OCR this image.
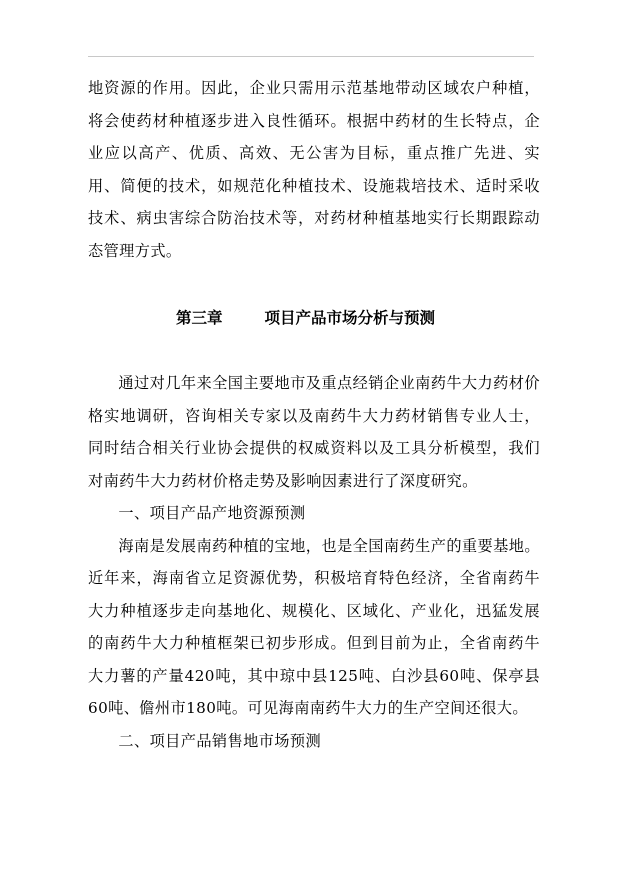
地资源的作用。因此，企业只需用示范基地带动区域农户种植，将会使药材种植逐步进入良性循环。根据中药材的生长特点，企业应以高产、优质、高效、无公害为目标，重点推广先进、实用、简便的技术，如规范化种植技术、设施栽培技术、适时采收技术、病虫害综合防治技术等，对药材种植基地实行长期跟踪动态管理方式。

第三章	项目产品市场分析与预测

通过对几年来全国主要地市及重点经销企业南药牛大力药材价格实地调研，咨询相关专家以及南药牛大力药材销售专业人士，同时结合相关行业协会提供的权威资料以及工具分析模型，我们对南药牛大力药材价格走势及影响因素进行了深度研究。

一、项目产品产地资源预测

海南是发展南药种植的宝地，也是全国南药生产的重要基地。近年来，海南省立足资源优势，积极培育特色经济，全省南药牛大力种植逐步走向基地化、规模化、区域化、产业化，迅猛发展的南药牛大力种植框架已初步形成。但到目前为止，全省南药牛大力薯的产量420吨，其中琼中县125吨、白沙县60吨、保亭县60吨、儋州市180吨。可见海南南药牛大力的生产空间还很大。

二、项目产品销售地市场预测
